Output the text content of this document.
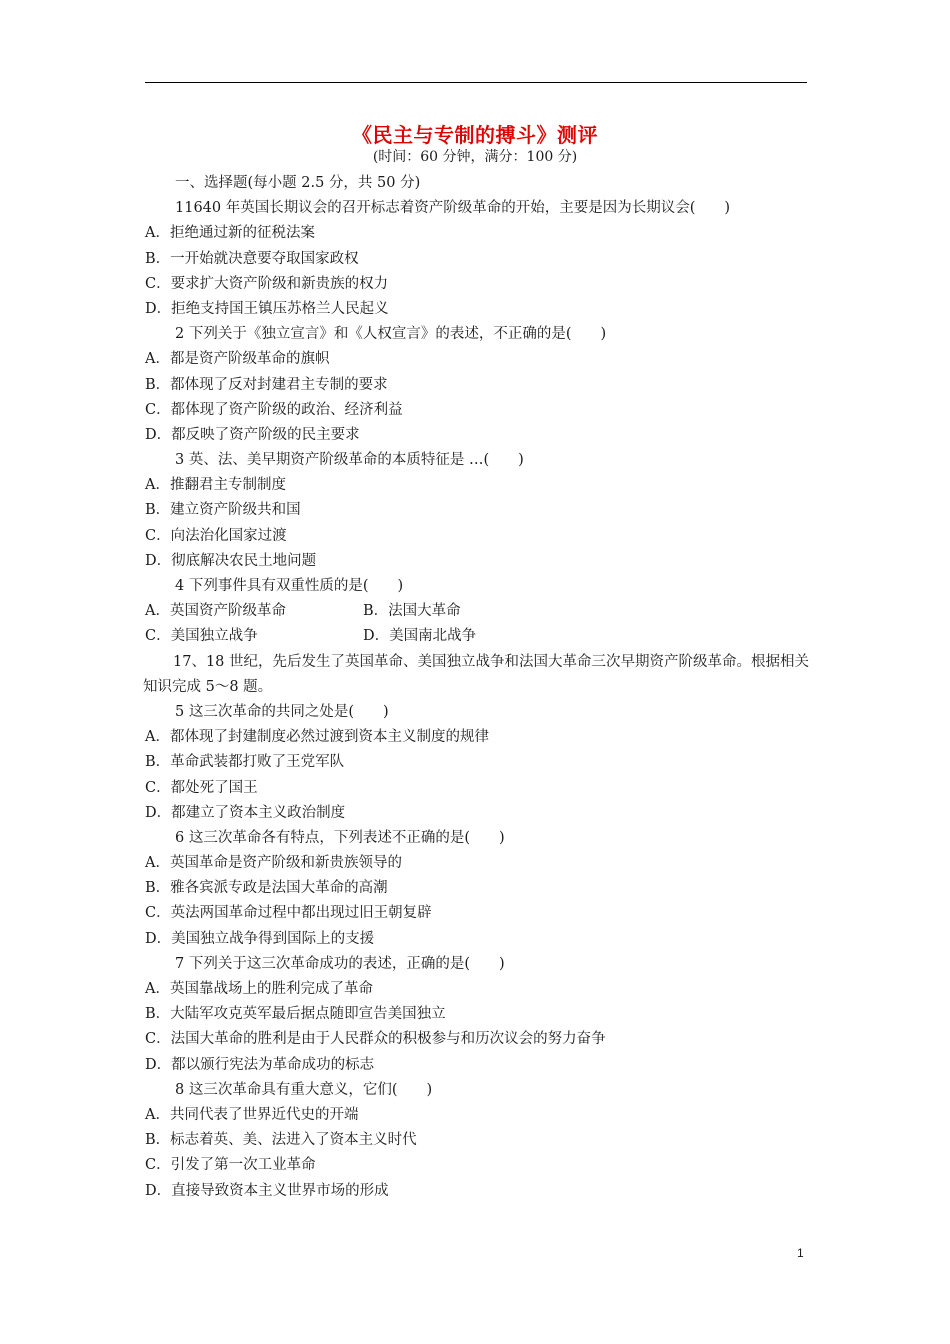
《民主与专制的搏斗》测评
(时间：60 分钟，满分：100 分)
一、选择题(每小题 2.5 分，共 50 分)
11640 年英国长期议会的召开标志着资产阶级革命的开始，主要是因为长期议会(　　)
A．拒绝通过新的征税法案
B．一开始就决意要夺取国家政权
C．要求扩大资产阶级和新贵族的权力
D．拒绝支持国王镇压苏格兰人民起义
2 下列关于《独立宣言》和《人权宣言》的表述，不正确的是(　　)
A．都是资产阶级革命的旗帜
B．都体现了反对封建君主专制的要求
C．都体现了资产阶级的政治、经济利益
D．都反映了资产阶级的民主要求
3 英、法、美早期资产阶级革命的本质特征是 …(　　)
A．推翻君主专制制度
B．建立资产阶级共和国
C．向法治化国家过渡
D．彻底解决农民土地问题
4 下列事件具有双重性质的是(　　)
A．英国资产阶级革命	B．法国大革命
C．美国独立战争	D．美国南北战争
17、18 世纪，先后发生了英国革命、美国独立战争和法国大革命三次早期资产阶级革命。根据相关知识完成 5～8 题。
5 这三次革命的共同之处是(　　)
A．都体现了封建制度必然过渡到资本主义制度的规律
B．革命武装都打败了王党军队
C．都处死了国王
D．都建立了资本主义政治制度
6 这三次革命各有特点，下列表述不正确的是(　　)
A．英国革命是资产阶级和新贵族领导的
B．雅各宾派专政是法国大革命的高潮
C．英法两国革命过程中都出现过旧王朝复辟
D．美国独立战争得到国际上的支援
7 下列关于这三次革命成功的表述，正确的是(　　)
A．英国靠战场上的胜利完成了革命
B．大陆军攻克英军最后据点随即宣告美国独立
C．法国大革命的胜利是由于人民群众的积极参与和历次议会的努力奋争
D．都以颁行宪法为革命成功的标志
8 这三次革命具有重大意义，它们(　　)
A．共同代表了世界近代史的开端
B．标志着英、美、法进入了资本主义时代
C．引发了第一次工业革命
D．直接导致资本主义世界市场的形成
1
